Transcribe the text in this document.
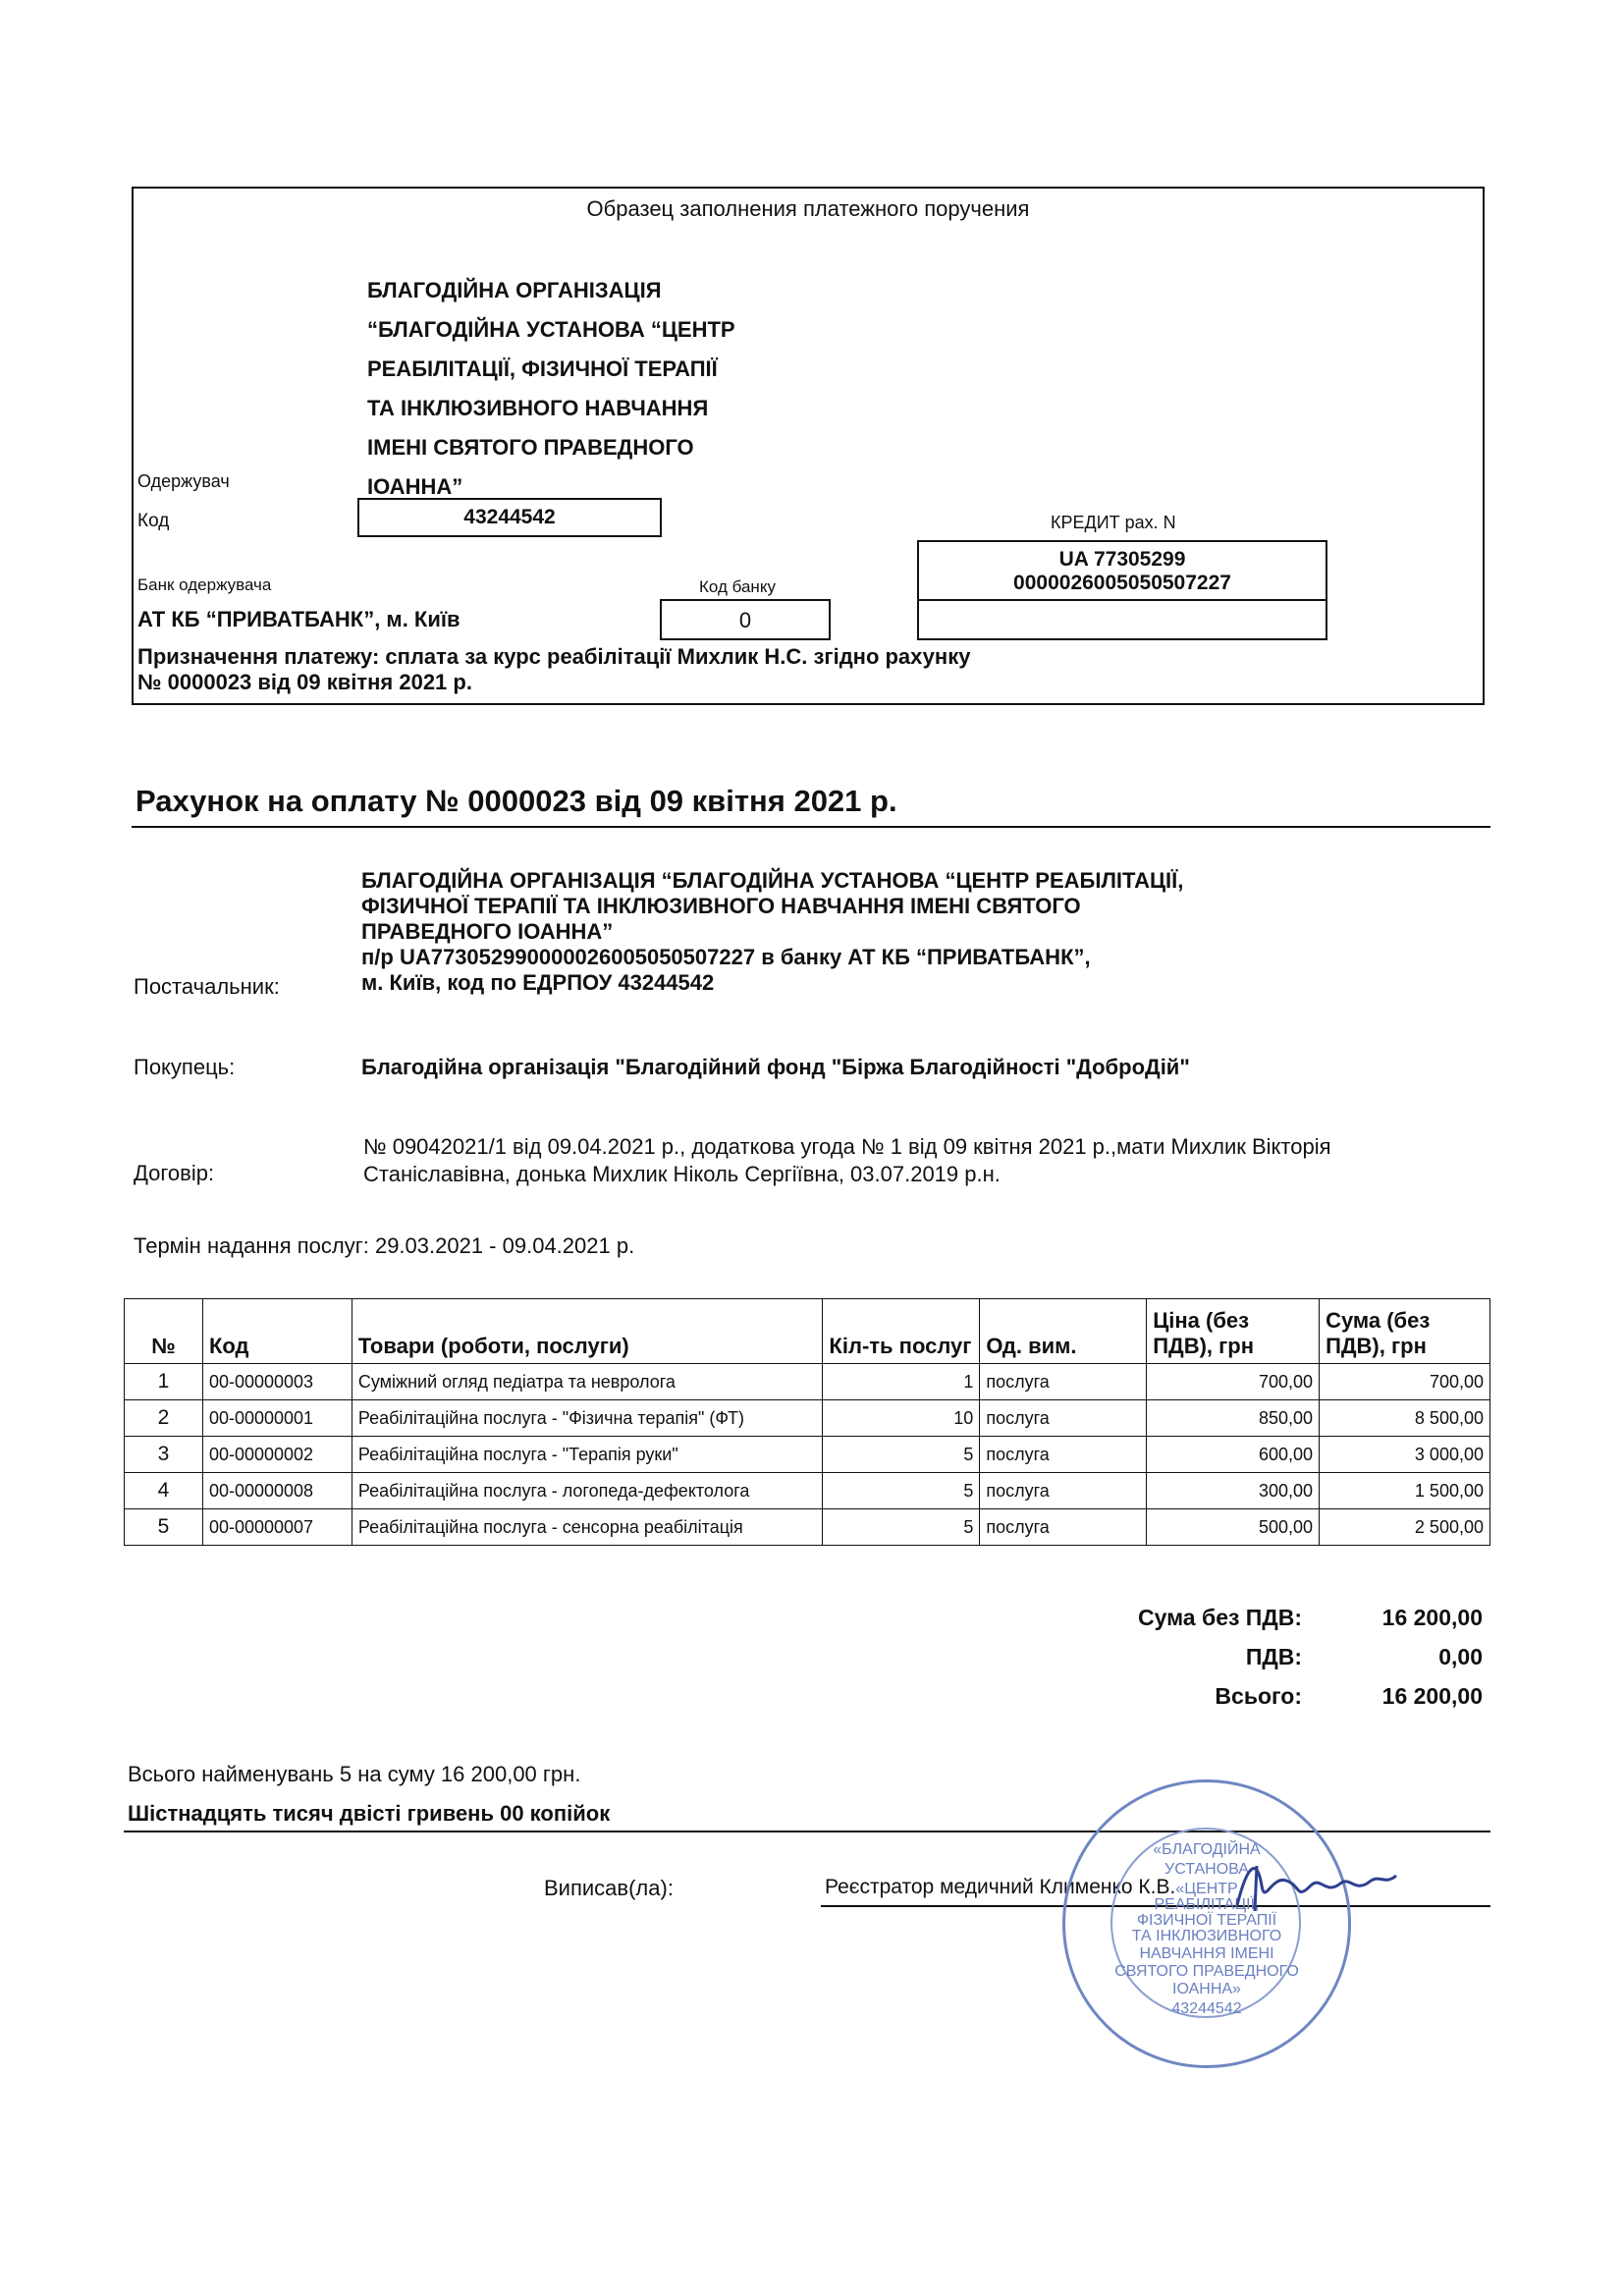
Образец заполнения платежного поручения
БЛАГОДІЙНА ОРГАНІЗАЦІЯ
“БЛАГОДІЙНА УСТАНОВА “ЦЕНТР
РЕАБІЛІТАЦІЇ, ФІЗИЧНОЇ ТЕРАПІЇ
ТА ІНКЛЮЗИВНОГО НАВЧАННЯ
ІМЕНІ СВЯТОГО ПРАВЕДНОГО
ІОАННА”
Одержувач
Код	43244542	КРЕДИТ рах. N
UA 77305299
0000026005050507227
Банк одержувача	Код банку
АТ КБ “ПРИВАТБАНК”, м. Київ	0
Призначення платежу: сплата за курс реабілітації Михлик Н.С. згідно рахунку
№ 0000023 від 09 квітня 2021 р.
Рахунок на оплату № 0000023 від 09 квітня 2021 р.
БЛАГОДІЙНА ОРГАНІЗАЦІЯ “БЛАГОДІЙНА УСТАНОВА “ЦЕНТР РЕАБІЛІТАЦІЇ,
ФІЗИЧНОЇ ТЕРАПІЇ ТА ІНКЛЮЗИВНОГО НАВЧАННЯ ІМЕНІ СВЯТОГО
ПРАВЕДНОГО ІОАННА”
п/р UA773052990000026005050507227 в банку АТ КБ “ПРИВАТБАНК”,
м. Київ, код по ЕДРПОУ 43244542
Постачальник:
Покупець:	Благодійна організація "Благодійний фонд "Біржа Благодійності "ДоброДій"
№ 09042021/1 від 09.04.2021 р., додаткова угода № 1 від 09 квітня 2021 р.,мати Михлик Вікторія
Станіславівна, донька Михлик Ніколь Сергіївна, 03.07.2019 р.н.
Договір:
Термін надання послуг: 29.03.2021 - 09.04.2021 р.
№	Код	Товари (роботи, послуги)	Кіл-ть послуг	Од. вим.	Ціна (без ПДВ), грн	Сума (без ПДВ), грн
1	00-00000003	Суміжний огляд педіатра та невролога	1	послуга	700,00	700,00
2	00-00000001	Реабілітаційна послуга - "Фізична терапія" (ФТ)	10	послуга	850,00	8 500,00
3	00-00000002	Реабілітаційна послуга - "Терапія руки"	5	послуга	600,00	3 000,00
4	00-00000008	Реабілітаційна послуга - логопеда-дефектолога	5	послуга	300,00	1 500,00
5	00-00000007	Реабілітаційна послуга - сенсорна реабілітація	5	послуга	500,00	2 500,00
Сума без ПДВ:	16 200,00
ПДВ:	0,00
Всього:	16 200,00
Всього найменувань 5 на суму 16 200,00 грн.
Шістнадцять тисяч двісті гривень 00 копійок
Виписав(ла):	Реєстратор медичний Клименко К.В.
«БЛАГОДІЙНА
УСТАНОВА
«ЦЕНТР
РЕАБІЛІТАЦІЇ,
ФІЗИЧНОЇ ТЕРАПІЇ
ТА ІНКЛЮЗИВНОГО
НАВЧАННЯ ІМЕНІ
СВЯТОГО ПРАВЕДНОГО
ІОАННА»
43244542
